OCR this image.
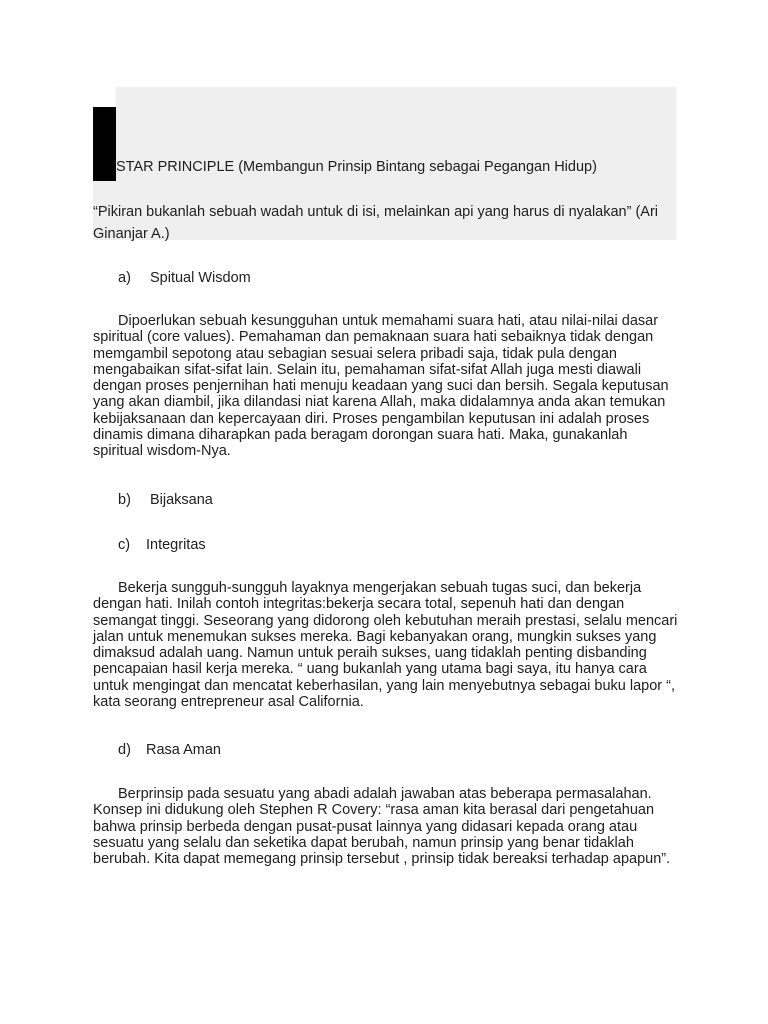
STAR PRINCIPLE (Membangun Prinsip Bintang sebagai Pegangan Hidup)

“Pikiran bukanlah sebuah wadah untuk di isi, melainkan api yang harus di nyalakan” (Ari Ginanjar A.)

a) Spitual Wisdom

Dipoerlukan sebuah kesungguhan untuk memahami suara hati, atau nilai-nilai dasar spiritual (core values). Pemahaman dan pemaknaan suara hati sebaiknya tidak dengan memgambil sepotong atau sebagian sesuai selera pribadi saja, tidak pula dengan mengabaikan sifat-sifat lain. Selain itu, pemahaman sifat-sifat Allah juga mesti diawali dengan proses penjernihan hati menuju keadaan yang suci dan bersih. Segala keputusan yang akan diambil, jika dilandasi niat karena Allah, maka didalamnya anda akan temukan kebijaksanaan dan kepercayaan diri. Proses pengambilan keputusan ini adalah proses dinamis dimana diharapkan pada beragam dorongan suara hati. Maka, gunakanlah spiritual wisdom-Nya.

b) Bijaksana
c) Integritas

Bekerja sungguh-sungguh layaknya mengerjakan sebuah tugas suci, dan bekerja dengan hati. Inilah contoh integritas:bekerja secara total, sepenuh hati dan dengan semangat tinggi. Seseorang yang didorong oleh kebutuhan meraih prestasi, selalu mencari jalan untuk menemukan sukses mereka. Bagi kebanyakan orang, mungkin sukses yang dimaksud adalah uang. Namun untuk peraih sukses, uang tidaklah penting disbanding pencapaian hasil kerja mereka. “ uang bukanlah yang utama bagi saya, itu hanya cara untuk mengingat dan mencatat keberhasilan, yang lain menyebutnya sebagai buku lapor “, kata seorang entrepreneur asal California.

d) Rasa Aman

Berprinsip pada sesuatu yang abadi adalah jawaban atas beberapa permasalahan. Konsep ini didukung oleh Stephen R Covery: “rasa aman kita berasal dari pengetahuan bahwa prinsip berbeda dengan pusat-pusat lainnya yang didasari kepada orang atau sesuatu yang selalu dan seketika dapat berubah, namun prinsip yang benar tidaklah berubah. Kita dapat memegang prinsip tersebut , prinsip tidak bereaksi terhadap apapun”.
